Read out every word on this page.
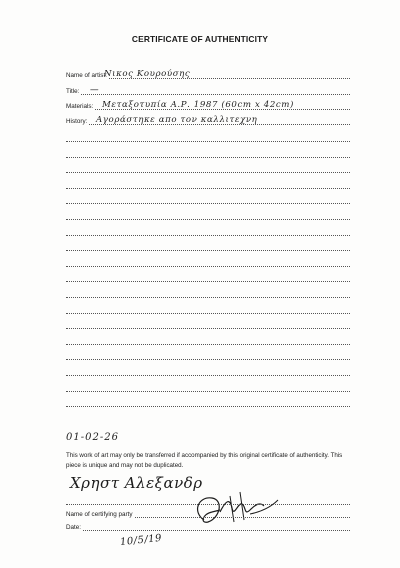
CERTIFICATE OF AUTHENTICITY
Name of artist:
Νικος Κουρούσης
Title: —
Materials: Μεταξοτυπία Α.Ρ. 1987 (60cm x 42cm)
History: Αγοράστηκε απο τον καλλιτεχνη
01-02-26
This work of art may only be transferred if accompanied by this original certificate of authenticity. This piece is unique and may not be duplicated.
Χρηστ Αλεξανδρ
Name of certifying party
Date:
10/5/19
